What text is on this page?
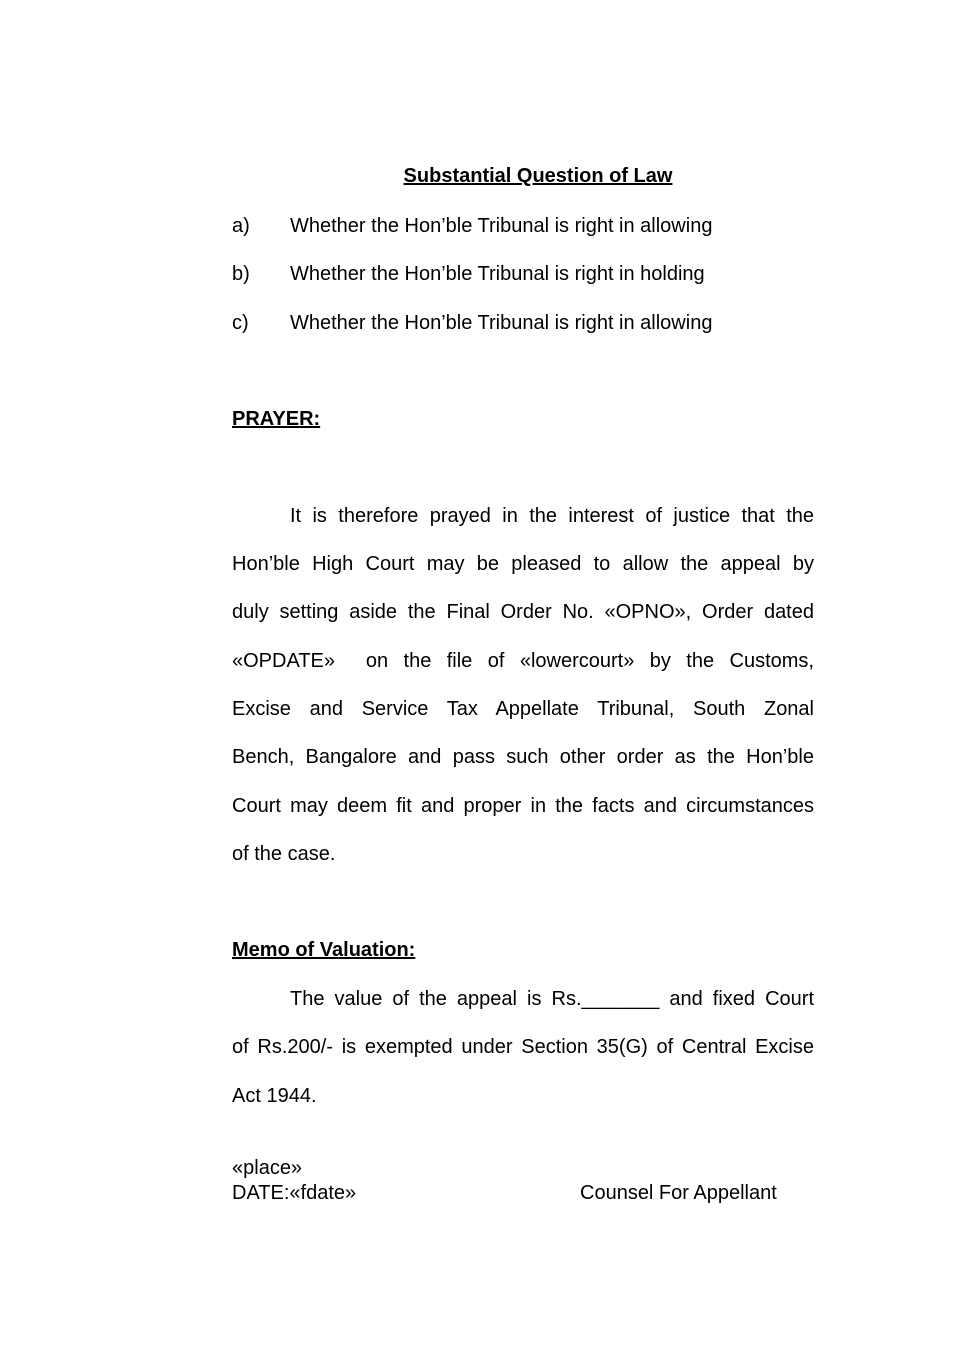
Substantial Question of Law
a) Whether the Hon’ble Tribunal is right in allowing
b) Whether the Hon’ble Tribunal is right in holding
c) Whether the Hon’ble Tribunal is right in allowing
PRAYER:
It is therefore prayed in the interest of justice that the
Hon’ble High Court may be pleased to allow the appeal by
duly setting aside the Final Order No. «OPNO», Order dated
«OPDATE»  on the file of «lowercourt» by the Customs,
Excise and Service Tax Appellate Tribunal, South Zonal
Bench, Bangalore and pass such other order as the Hon’ble
Court may deem fit and proper in the facts and circumstances
of the case.
Memo of Valuation:
The value of the appeal is Rs._______ and fixed Court
of Rs.200/- is exempted under Section 35(G) of Central Excise
Act 1944.
«place»
DATE:«fdate»	Counsel For Appellant
